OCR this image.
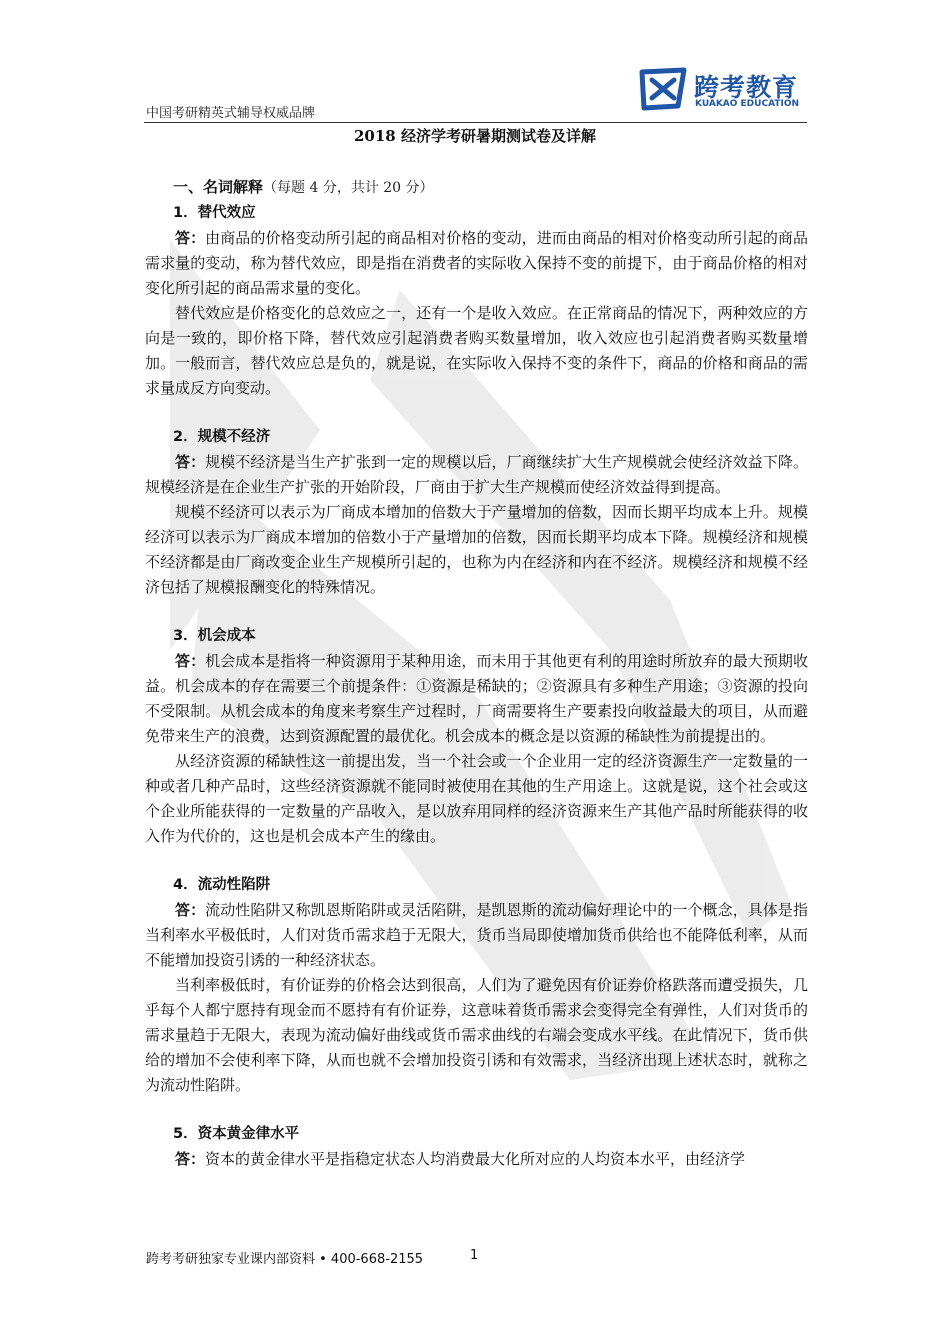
中国考研精英式辅导权威品牌
跨考教育
KUAKAO EDUCATION
2018 经济学考研暑期测试卷及详解

一、名词解释（每题 4 分，共计 20 分）

1．替代效应

答：由商品的价格变动所引起的商品相对价格的变动，进而由商品的相对价格变动所引起的商品需求量的变动，称为替代效应，即是指在消费者的实际收入保持不变的前提下，由于商品价格的相对变化所引起的商品需求量的变化。

替代效应是价格变化的总效应之一，还有一个是收入效应。在正常商品的情况下，两种效应的方向是一致的，即价格下降，替代效应引起消费者购买数量增加，收入效应也引起消费者购买数量增加。一般而言，替代效应总是负的，就是说，在实际收入保持不变的条件下，商品的价格和商品的需求量成反方向变动。

2．规模不经济

答：规模不经济是当生产扩张到一定的规模以后，厂商继续扩大生产规模就会使经济效益下降。规模经济是在企业生产扩张的开始阶段，厂商由于扩大生产规模而使经济效益得到提高。

规模不经济可以表示为厂商成本增加的倍数大于产量增加的倍数，因而长期平均成本上升。规模经济可以表示为厂商成本增加的倍数小于产量增加的倍数，因而长期平均成本下降。规模经济和规模不经济都是由厂商改变企业生产规模所引起的，也称为内在经济和内在不经济。规模经济和规模不经济包括了规模报酬变化的特殊情况。

3．机会成本

答：机会成本是指将一种资源用于某种用途，而未用于其他更有利的用途时所放弃的最大预期收益。机会成本的存在需要三个前提条件：①资源是稀缺的；②资源具有多种生产用途；③资源的投向不受限制。从机会成本的角度来考察生产过程时，厂商需要将生产要素投向收益最大的项目，从而避免带来生产的浪费，达到资源配置的最优化。机会成本的概念是以资源的稀缺性为前提提出的。

从经济资源的稀缺性这一前提出发，当一个社会或一个企业用一定的经济资源生产一定数量的一种或者几种产品时，这些经济资源就不能同时被使用在其他的生产用途上。这就是说，这个社会或这个企业所能获得的一定数量的产品收入，是以放弃用同样的经济资源来生产其他产品时所能获得的收入作为代价的，这也是机会成本产生的缘由。

4．流动性陷阱

答：流动性陷阱又称凯恩斯陷阱或灵活陷阱，是凯恩斯的流动偏好理论中的一个概念，具体是指当利率水平极低时，人们对货币需求趋于无限大，货币当局即使增加货币供给也不能降低利率，从而不能增加投资引诱的一种经济状态。

当利率极低时，有价证券的价格会达到很高，人们为了避免因有价证券价格跌落而遭受损失，几乎每个人都宁愿持有现金而不愿持有有价证券，这意味着货币需求会变得完全有弹性，人们对货币的需求量趋于无限大，表现为流动偏好曲线或货币需求曲线的右端会变成水平线。在此情况下，货币供给的增加不会使利率下降，从而也就不会增加投资引诱和有效需求，当经济出现上述状态时，就称之为流动性陷阱。

5．资本黄金律水平

答：资本的黄金律水平是指稳定状态人均消费最大化所对应的人均资本水平，由经济学

跨考考研独家专业课内部资料 • 400-668-2155	1
